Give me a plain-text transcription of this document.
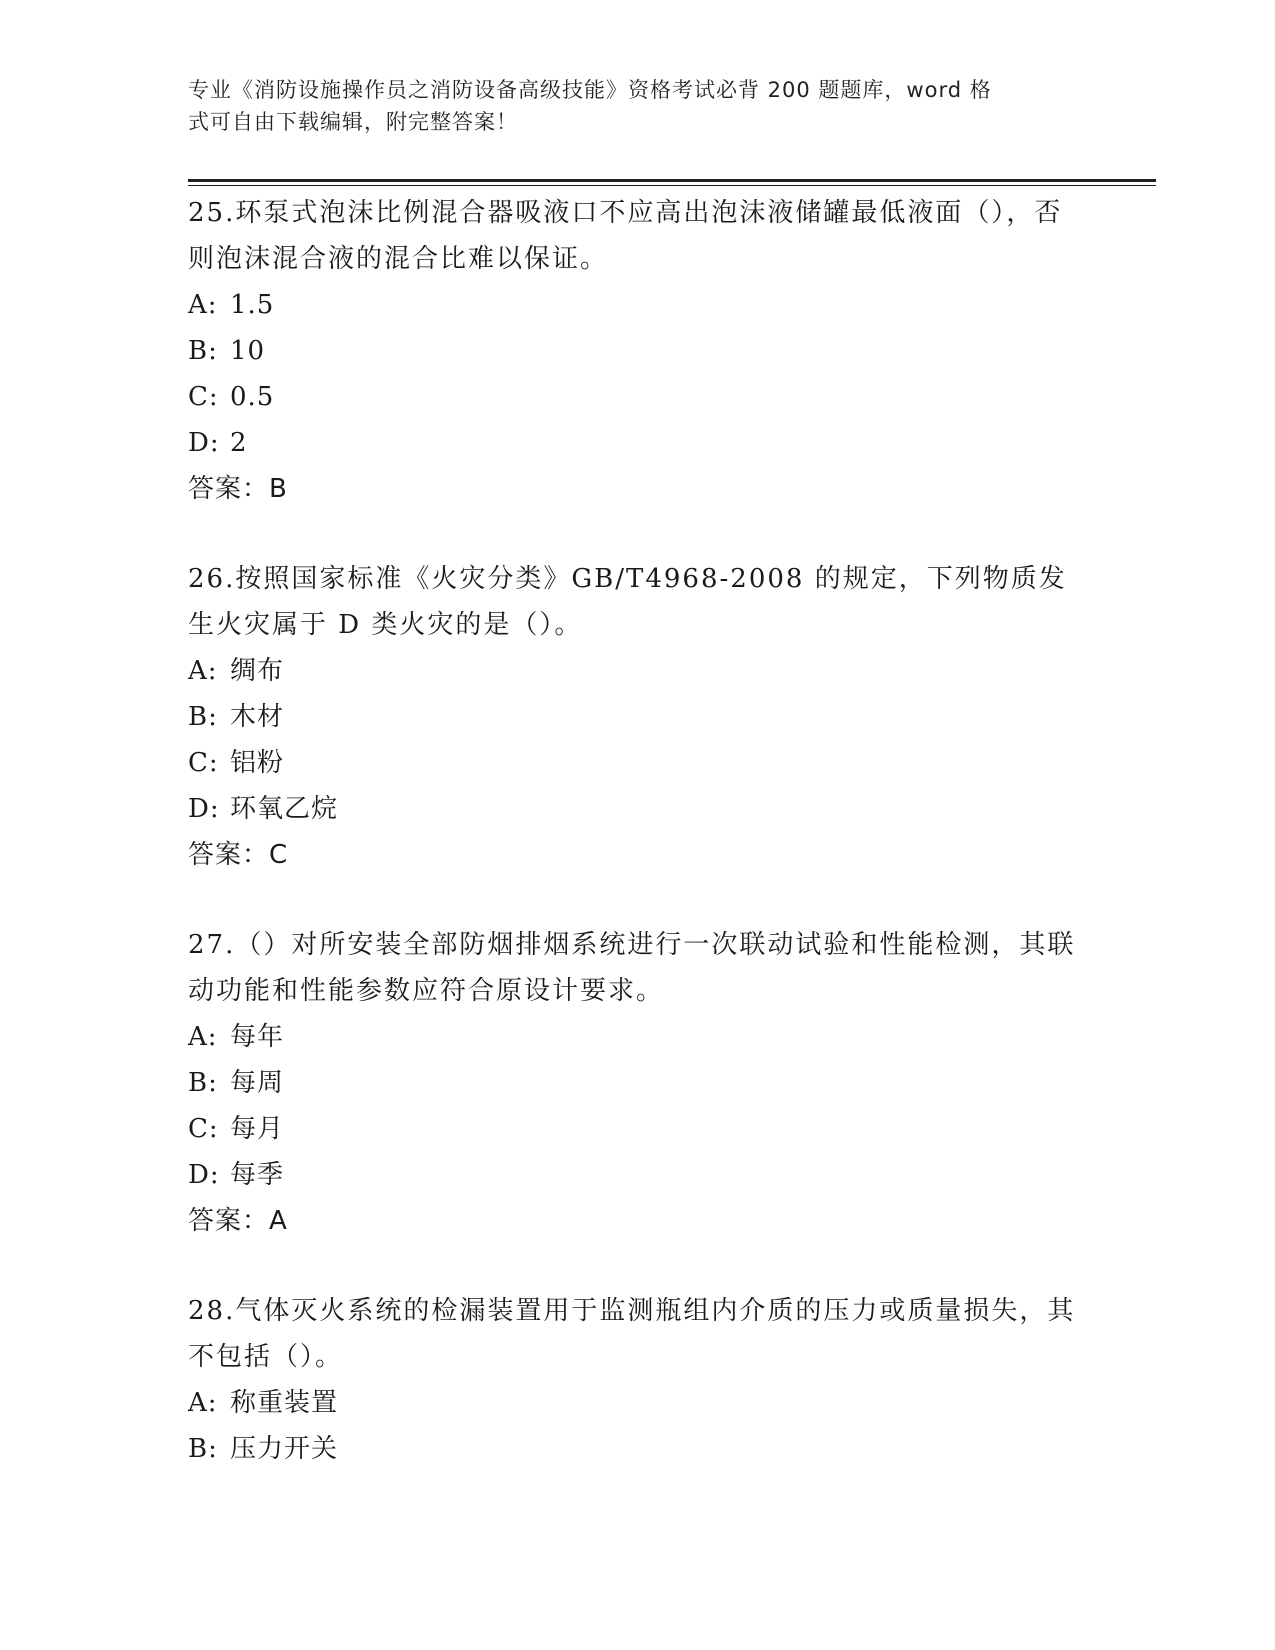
专业《消防设施操作员之消防设备高级技能》资格考试必背 200 题题库，word 格
式可自由下载编辑，附完整答案！

25.环泵式泡沫比例混合器吸液口不应高出泡沫液储罐最低液面（），否则泡沫混合液的混合比难以保证。

A: 1.5

B: 10

C: 0.5

D: 2

答案：B

26.按照国家标准《火灾分类》GB/T4968-2008 的规定，下列物质发生火灾属于 D 类火灾的是（）。

A: 绸布

B: 木材

C: 铝粉

D: 环氧乙烷

答案：C

27.（）对所安装全部防烟排烟系统进行一次联动试验和性能检测，其联动功能和性能参数应符合原设计要求。

A: 每年

B: 每周

C: 每月

D: 每季

答案：A

28.气体灭火系统的检漏装置用于监测瓶组内介质的压力或质量损失，其不包括（）。

A: 称重装置

B: 压力开关
